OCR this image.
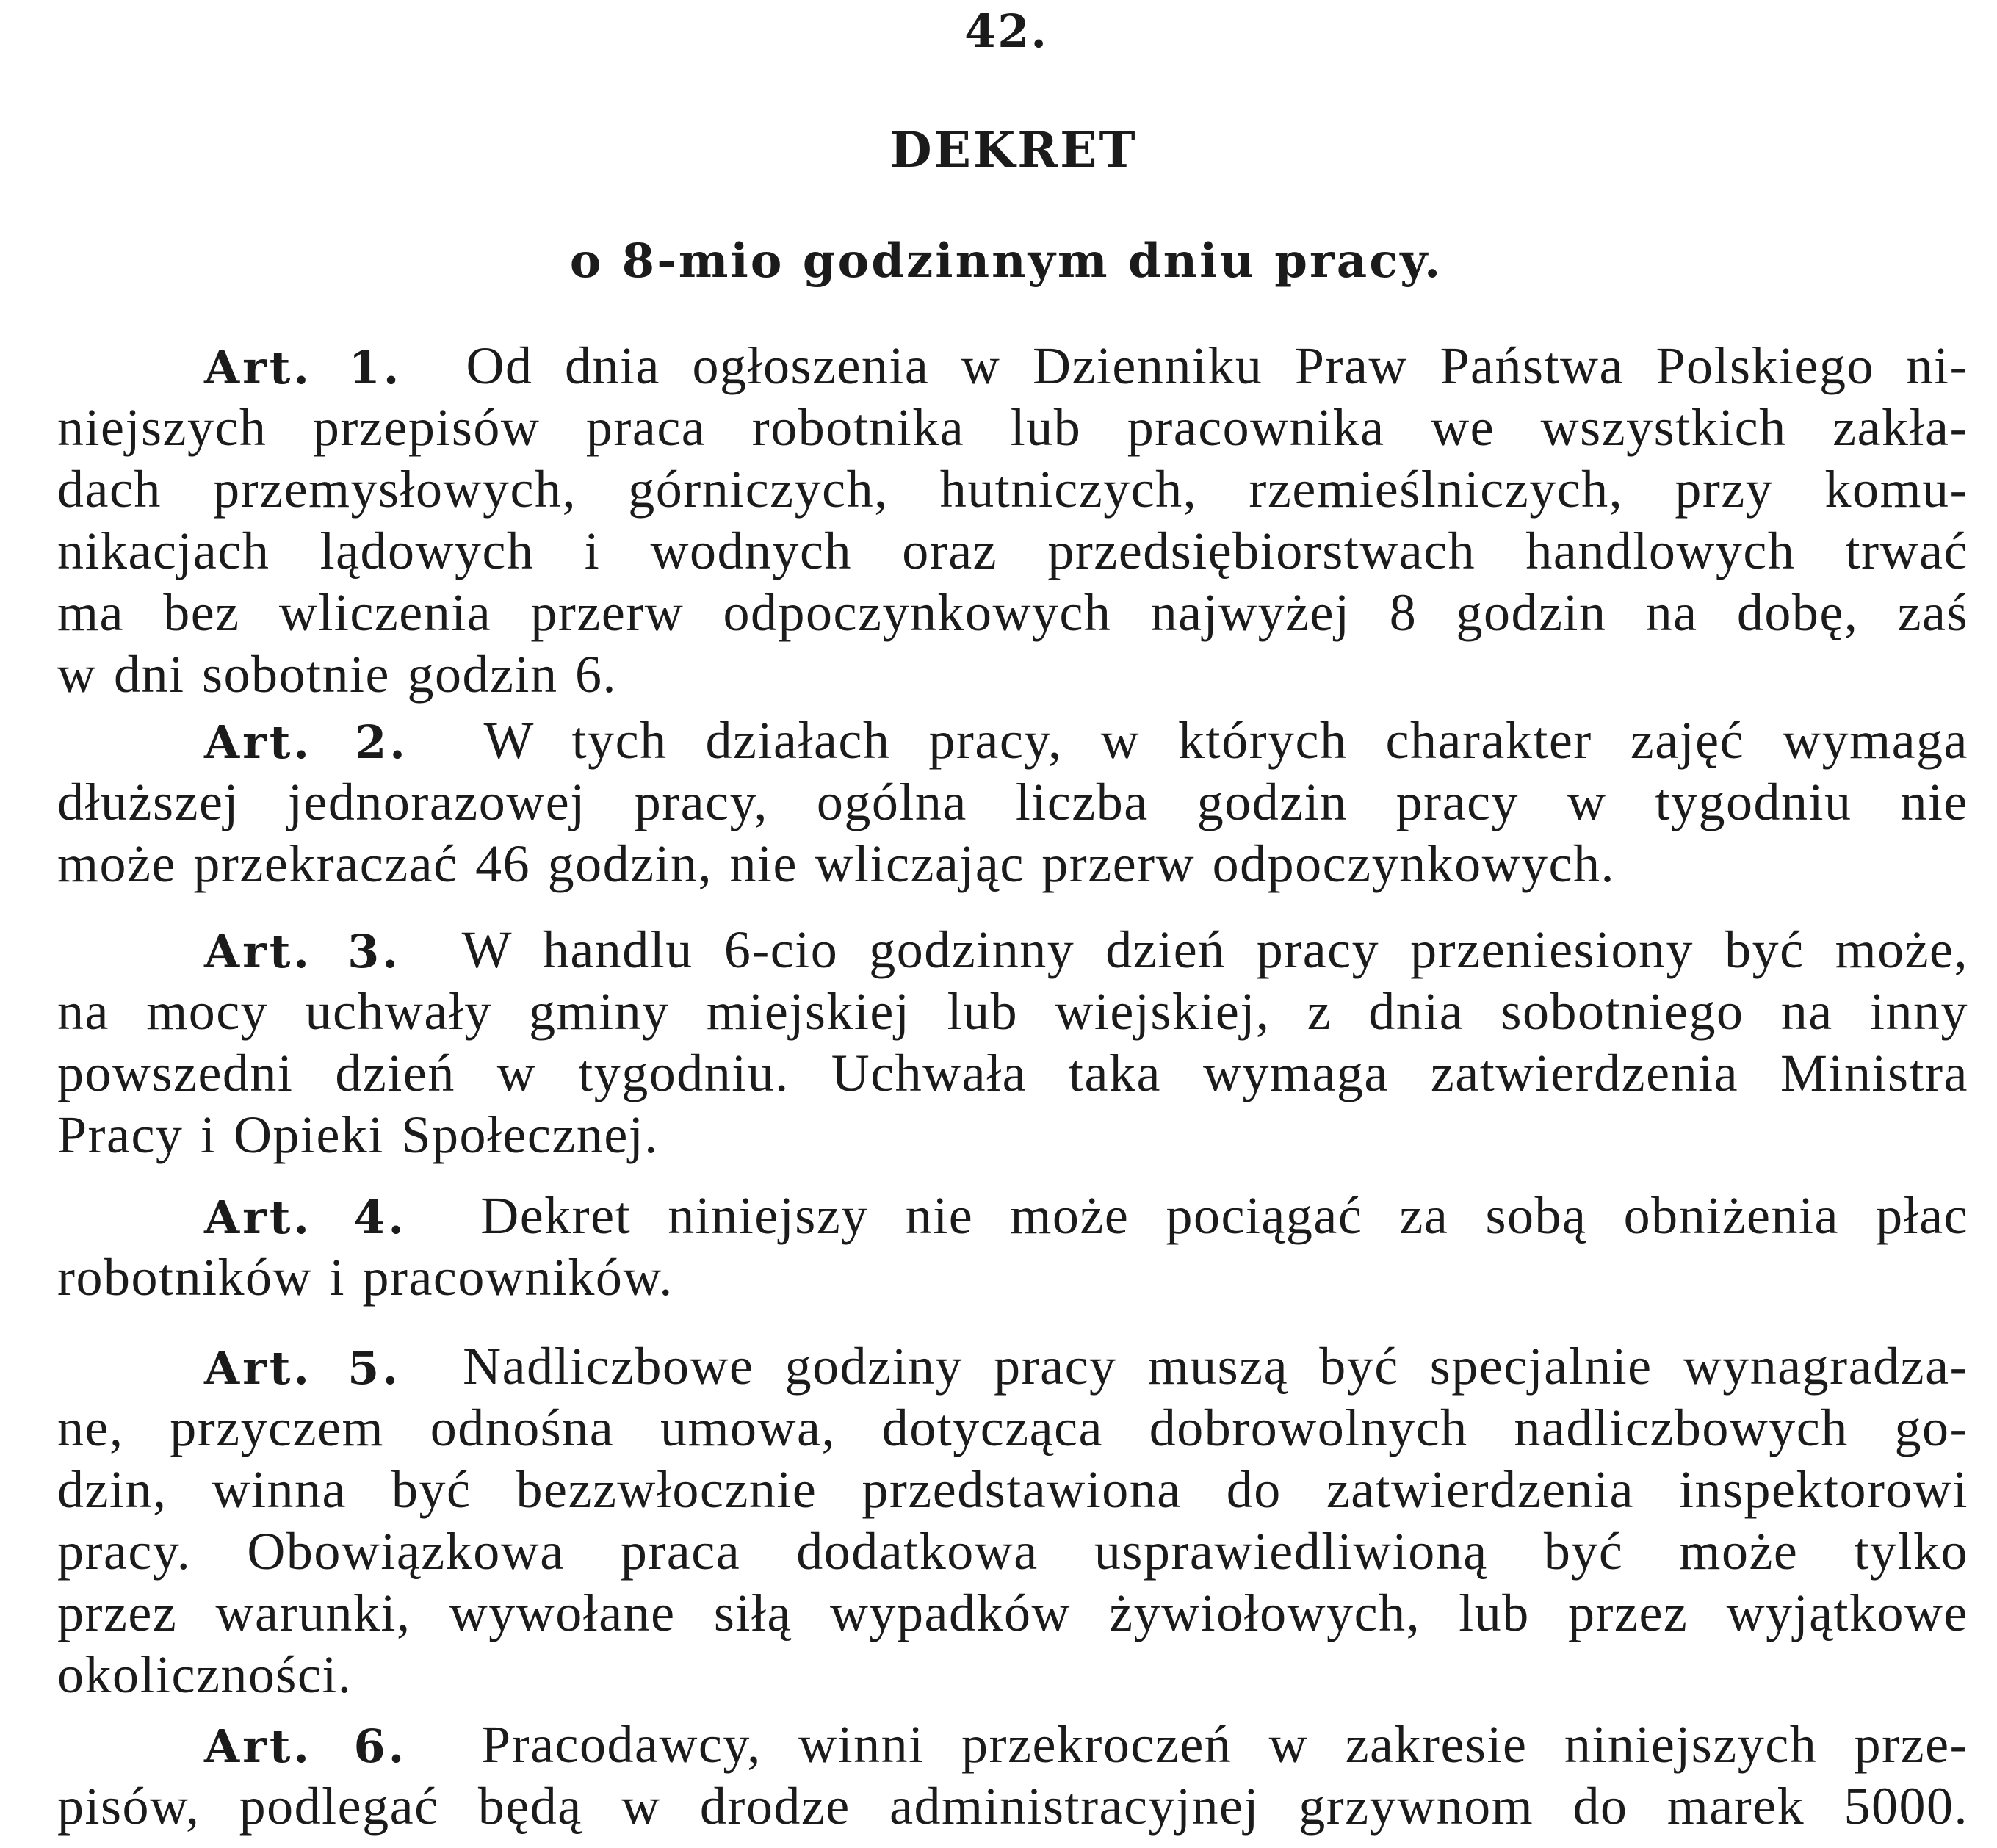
42.
DEKRET
o 8-mio godzinnym dniu pracy.
Art. 1. Od dnia ogłoszenia w Dzienniku Praw Państwa Polskiego ni-
niejszych przepisów praca robotnika lub pracownika we wszystkich zakła-
dach przemysłowych, górniczych, hutniczych, rzemieślniczych, przy komu-
nikacjach lądowych i wodnych oraz przedsiębiorstwach handlowych trwać
ma bez wliczenia przerw odpoczynkowych najwyżej 8 godzin na dobę, zaś
w dni sobotnie godzin 6.
Art. 2. W tych działach pracy, w których charakter zajęć wymaga
dłuższej jednorazowej pracy, ogólna liczba godzin pracy w tygodniu nie
może przekraczać 46 godzin, nie wliczając przerw odpoczynkowych.
Art. 3. W handlu 6-cio godzinny dzień pracy przeniesiony być może,
na mocy uchwały gminy miejskiej lub wiejskiej, z dnia sobotniego na inny
powszedni dzień w tygodniu. Uchwała taka wymaga zatwierdzenia Ministra
Pracy i Opieki Społecznej.
Art. 4. Dekret niniejszy nie może pociągać za sobą obniżenia płac
robotników i pracowników.
Art. 5. Nadliczbowe godziny pracy muszą być specjalnie wynagradza-
ne, przyczem odnośna umowa, dotycząca dobrowolnych nadliczbowych go-
dzin, winna być bezzwłocznie przedstawiona do zatwierdzenia inspektorowi
pracy. Obowiązkowa praca dodatkowa usprawiedliwioną być może tylko
przez warunki, wywołane siłą wypadków żywiołowych, lub przez wyjątkowe
okoliczności.
Art. 6. Pracodawcy, winni przekroczeń w zakresie niniejszych prze-
pisów, podlegać będą w drodze administracyjnej grzywnom do marek 5000.
